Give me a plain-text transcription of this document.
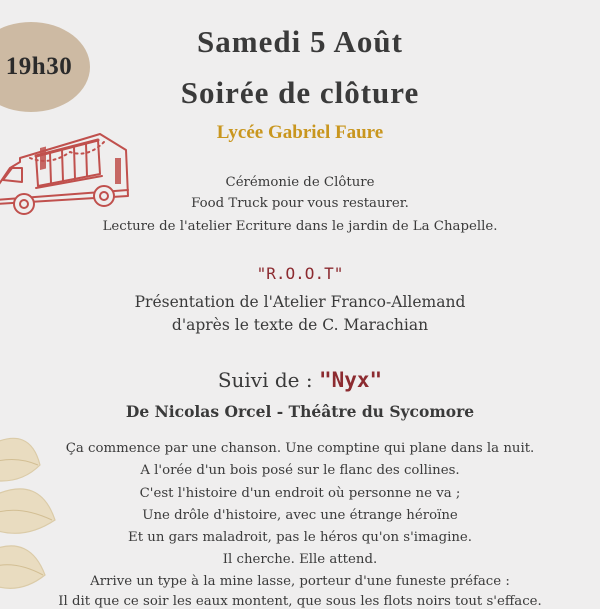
19h30
Samedi 5 Août
Soirée de clôture
Lycée Gabriel Faure
Cérémonie de Clôture
Food Truck pour vous restaurer.
Lecture de l'atelier Ecriture dans le jardin de La Chapelle.
"R.O.O.T"
Présentation de l'Atelier Franco-Allemand
d'après le texte de C. Marachian
Suivi de : "Nyx"
De Nicolas Orcel - Théâtre du Sycomore
Ça commence par une chanson. Une comptine qui plane dans la nuit.
A l'orée d'un bois posé sur le flanc des collines.
C'est l'histoire d'un endroit où personne ne va ;
Une drôle d'histoire, avec une étrange héroïne
Et un gars maladroit, pas le héros qu'on s'imagine.
Il cherche. Elle attend.
Arrive un type à la mine lasse, porteur d'une funeste préface :
Il dit que ce soir les eaux montent, que sous les flots noirs tout s'efface.
